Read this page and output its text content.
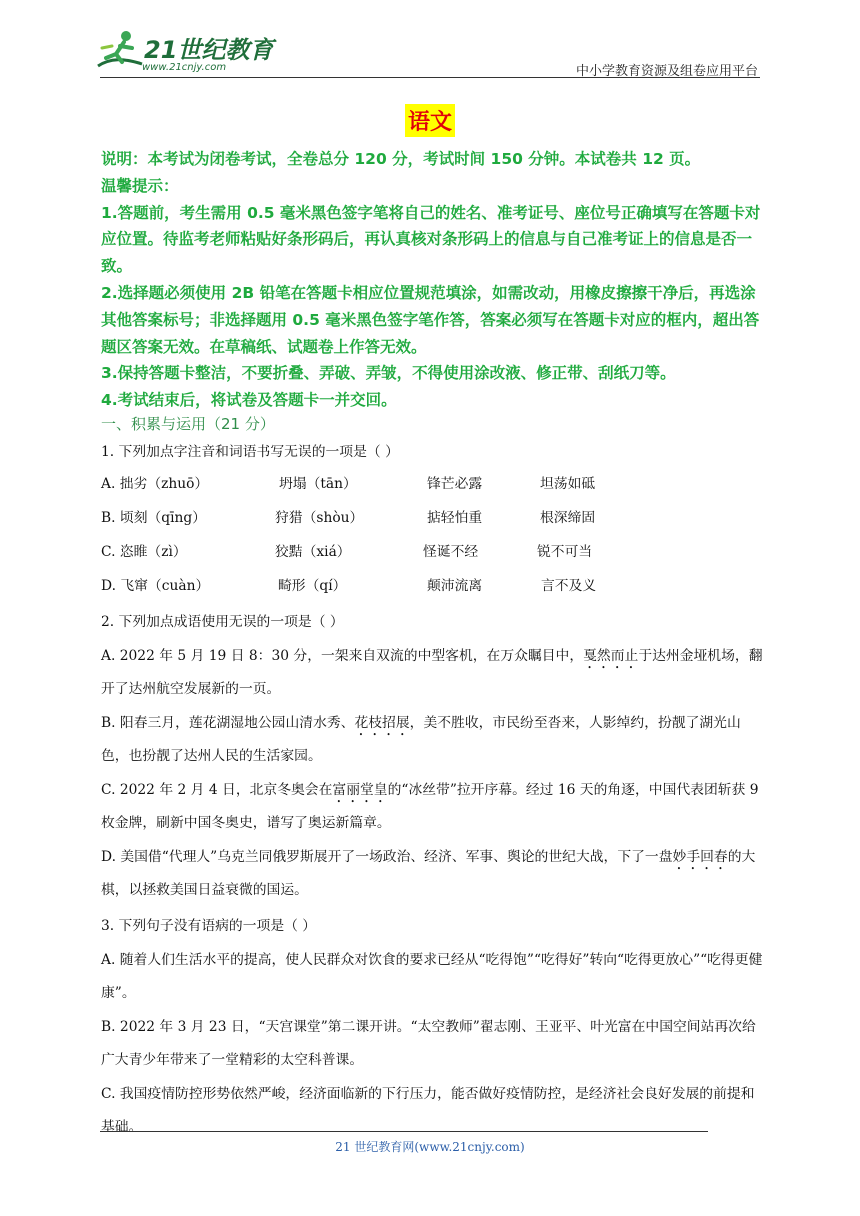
21世纪教育
www.21cnjy.com	中小学教育资源及组卷应用平台
语文

说明：本考试为闭卷考试，全卷总分 120 分，考试时间 150 分钟。本试卷共 12 页。

温馨提示：

1.答题前，考生需用 0.5 毫米黑色签字笔将自己的姓名、准考证号、座位号正确填写在答题卡对应位置。待监考老师粘贴好条形码后，再认真核对条形码上的信息与自己准考证上的信息是否一致。

2.选择题必须使用 2B 铅笔在答题卡相应位置规范填涂，如需改动，用橡皮擦擦干净后，再选涂其他答案标号；非选择题用 0.5 毫米黑色签字笔作答，答案必须写在答题卡对应的框内，超出答题区答案无效。在草稿纸、试题卷上作答无效。

3.保持答题卡整洁，不要折叠、弄破、弄皱，不得使用涂改液、修正带、刮纸刀等。

4.考试结束后，将试卷及答题卡一并交回。

一、积累与运用（21 分）

1. 下列加点字注音和词语书写无误的一项是（ ）

A. 拙劣（zhuō）	坍塌（tān）	锋芒必露	坦荡如砥
B. 顷刻（qīng）	狩猎（shòu）	掂轻怕重	根深缔固
C. 恣睢（zì）	狡黠（xiá）	怪诞不经	锐不可当
D. 飞窜（cuàn）	畸形（qí）	颠沛流离	言不及义

2. 下列加点成语使用无误的一项是（ ）

A. 2022 年 5 月 19 日 8：30 分，一架来自双流的中型客机，在万众瞩目中，戛然而止于达州金垭机场，翻开了达州航空发展新的一页。

B. 阳春三月，莲花湖湿地公园山清水秀、花枝招展，美不胜收，市民纷至沓来，人影绰约，扮靓了湖光山色，也扮靓了达州人民的生活家园。

C. 2022 年 2 月 4 日，北京冬奥会在富丽堂皇的“冰丝带”拉开序幕。经过 16 天的角逐，中国代表团斩获 9 枚金牌，刷新中国冬奥史，谱写了奥运新篇章。

D. 美国借“代理人”乌克兰同俄罗斯展开了一场政治、经济、军事、舆论的世纪大战，下了一盘妙手回春的大棋，以拯救美国日益衰微的国运。

3. 下列句子没有语病的一项是（ ）

A. 随着人们生活水平的提高，使人民群众对饮食的要求已经从“吃得饱”“吃得好”转向“吃得更放心”“吃得更健康”。

B. 2022 年 3 月 23 日，“天宫课堂”第二课开讲。“太空教师”翟志刚、王亚平、叶光富在中国空间站再次给广大青少年带来了一堂精彩的太空科普课。

C. 我国疫情防控形势依然严峻，经济面临新的下行压力，能否做好疫情防控，是经济社会良好发展的前提和基础。

21 世纪教育网(www.21cnjy.com)
